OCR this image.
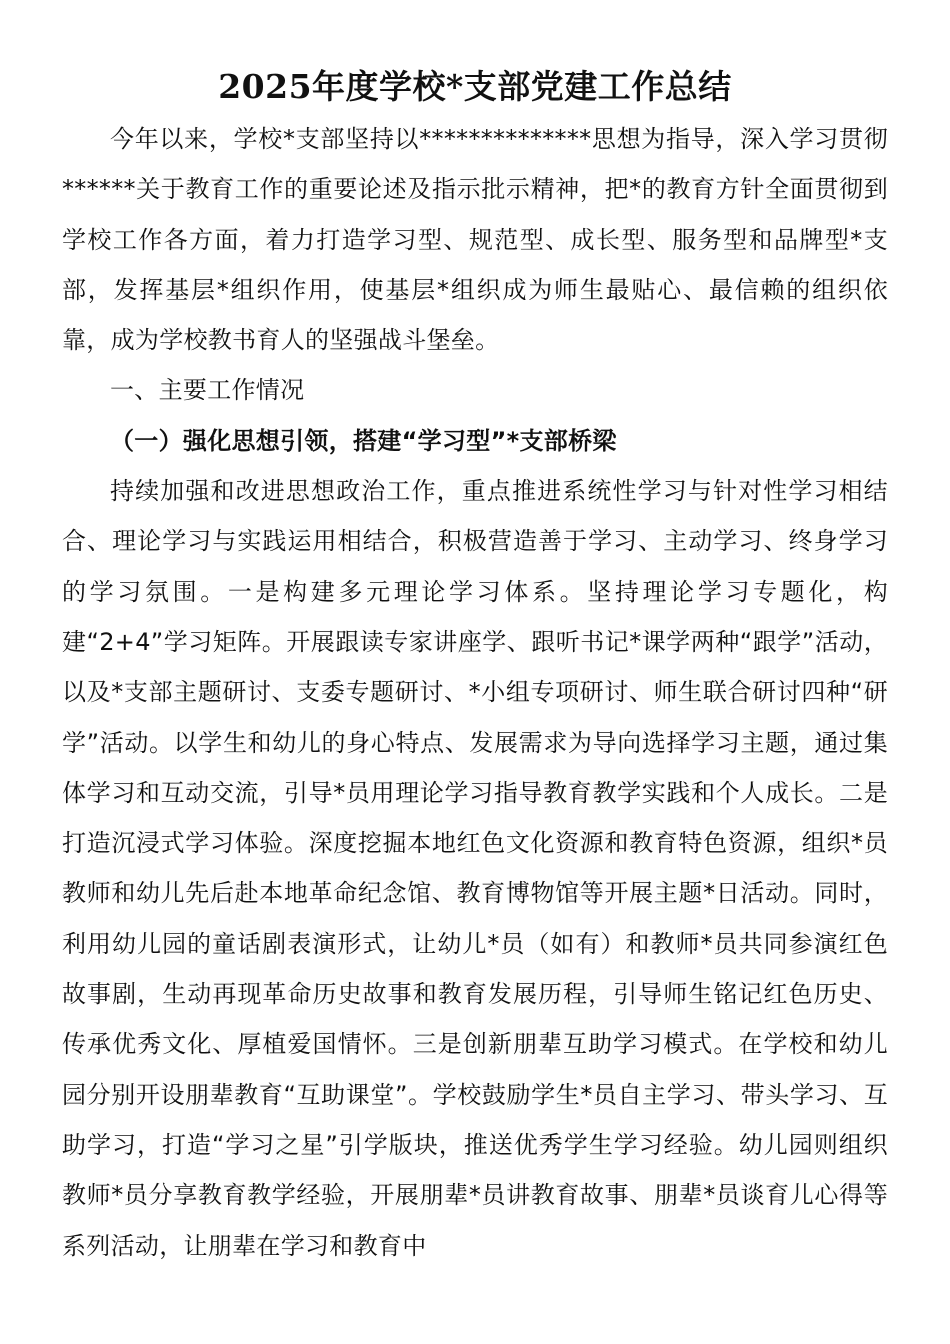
2025年度学校*支部党建工作总结

今年以来，学校*支部坚持以**************思想为指导，深入学习贯彻******关于教育工作的重要论述及指示批示精神，把*的教育方针全面贯彻到学校工作各方面，着力打造学习型、规范型、成长型、服务型和品牌型*支部，发挥基层*组织作用，使基层*组织成为师生最贴心、最信赖的组织依靠，成为学校教书育人的坚强战斗堡垒。

一、主要工作情况

（一）强化思想引领，搭建“学习型”*支部桥梁

持续加强和改进思想政治工作，重点推进系统性学习与针对性学习相结合、理论学习与实践运用相结合，积极营造善于学习、主动学习、终身学习的学习氛围。一是构建多元理论学习体系。坚持理论学习专题化，构建“2+4”学习矩阵。开展跟读专家讲座学、跟听书记*课学两种“跟学”活动，以及*支部主题研讨、支委专题研讨、*小组专项研讨、师生联合研讨四种“研学”活动。以学生和幼儿的身心特点、发展需求为导向选择学习主题，通过集体学习和互动交流，引导*员用理论学习指导教育教学实践和个人成长。二是打造沉浸式学习体验。深度挖掘本地红色文化资源和教育特色资源，组织*员教师和幼儿先后赴本地革命纪念馆、教育博物馆等开展主题*日活动。同时，利用幼儿园的童话剧表演形式，让幼儿*员（如有）和教师*员共同参演红色故事剧，生动再现革命历史故事和教育发展历程，引导师生铭记红色历史、传承优秀文化、厚植爱国情怀。三是创新朋辈互助学习模式。在学校和幼儿园分别开设朋辈教育“互助课堂”。学校鼓励学生*员自主学习、带头学习、互助学习，打造“学习之星”引学版块，推送优秀学生学习经验。幼儿园则组织教师*员分享教育教学经验，开展朋辈*员讲教育故事、朋辈*员谈育儿心得等系列活动，让朋辈在学习和教育中
